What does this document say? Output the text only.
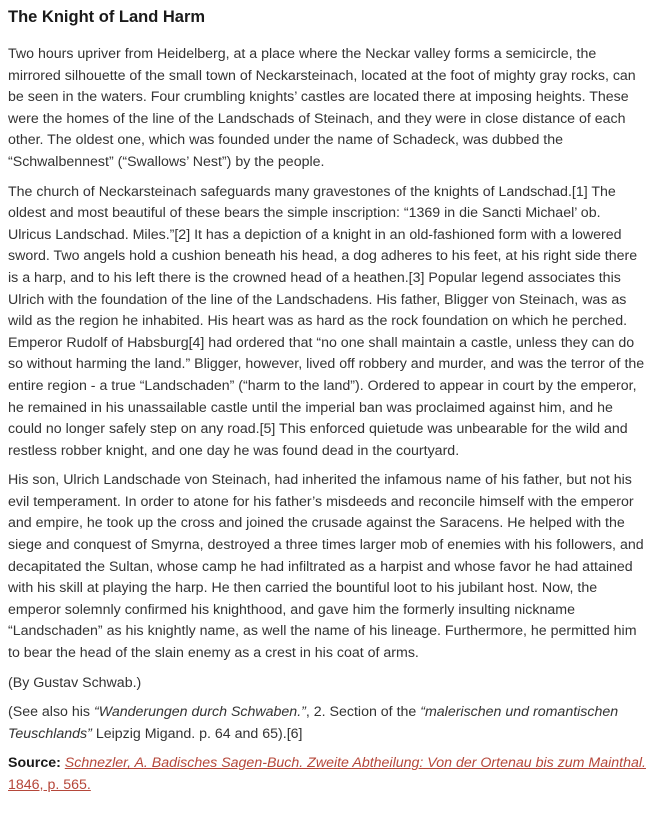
The Knight of Land Harm

Two hours upriver from Heidelberg, at a place where the Neckar valley forms a semicircle, the mirrored silhouette of the small town of Neckarsteinach, located at the foot of mighty gray rocks, can be seen in the waters. Four crumbling knights’ castles are located there at imposing heights. These were the homes of the line of the Landschads of Steinach, and they were in close distance of each other. The oldest one, which was founded under the name of Schadeck, was dubbed the “Schwalbennest” (“Swallows’ Nest”) by the people.

The church of Neckarsteinach safeguards many gravestones of the knights of Landschad.[1] The oldest and most beautiful of these bears the simple inscription: “1369 in die Sancti Michael’ ob. Ulricus Landschad. Miles.”[2] It has a depiction of a knight in an old-fashioned form with a lowered sword. Two angels hold a cushion beneath his head, a dog adheres to his feet, at his right side there is a harp, and to his left there is the crowned head of a heathen.[3] Popular legend associates this Ulrich with the foundation of the line of the Landschadens. His father, Bligger von Steinach, was as wild as the region he inhabited. His heart was as hard as the rock foundation on which he perched. Emperor Rudolf of Habsburg[4] had ordered that “no one shall maintain a castle, unless they can do so without harming the land.” Bligger, however, lived off robbery and murder, and was the terror of the entire region - a true “Landschaden” (“harm to the land”). Ordered to appear in court by the emperor, he remained in his unassailable castle until the imperial ban was proclaimed against him, and he could no longer safely step on any road.[5] This enforced quietude was unbearable for the wild and restless robber knight, and one day he was found dead in the courtyard.

His son, Ulrich Landschade von Steinach, had inherited the infamous name of his father, but not his evil temperament. In order to atone for his father’s misdeeds and reconcile himself with the emperor and empire, he took up the cross and joined the crusade against the Saracens. He helped with the siege and conquest of Smyrna, destroyed a three times larger mob of enemies with his followers, and decapitated the Sultan, whose camp he had infiltrated as a harpist and whose favor he had attained with his skill at playing the harp. He then carried the bountiful loot to his jubilant host. Now, the emperor solemnly confirmed his knighthood, and gave him the formerly insulting nickname “Landschaden” as his knightly name, as well the name of his lineage. Furthermore, he permitted him to bear the head of the slain enemy as a crest in his coat of arms.

(By Gustav Schwab.)

(See also his “Wanderungen durch Schwaben.”, 2. Section of the “malerischen und romantischen Teuschlands” Leipzig Migand. p. 64 and 65).[6]

Source: Schnezler, A. Badisches Sagen-Buch. Zweite Abtheilung: Von der Ortenau bis zum Mainthal. 1846, p. 565.
